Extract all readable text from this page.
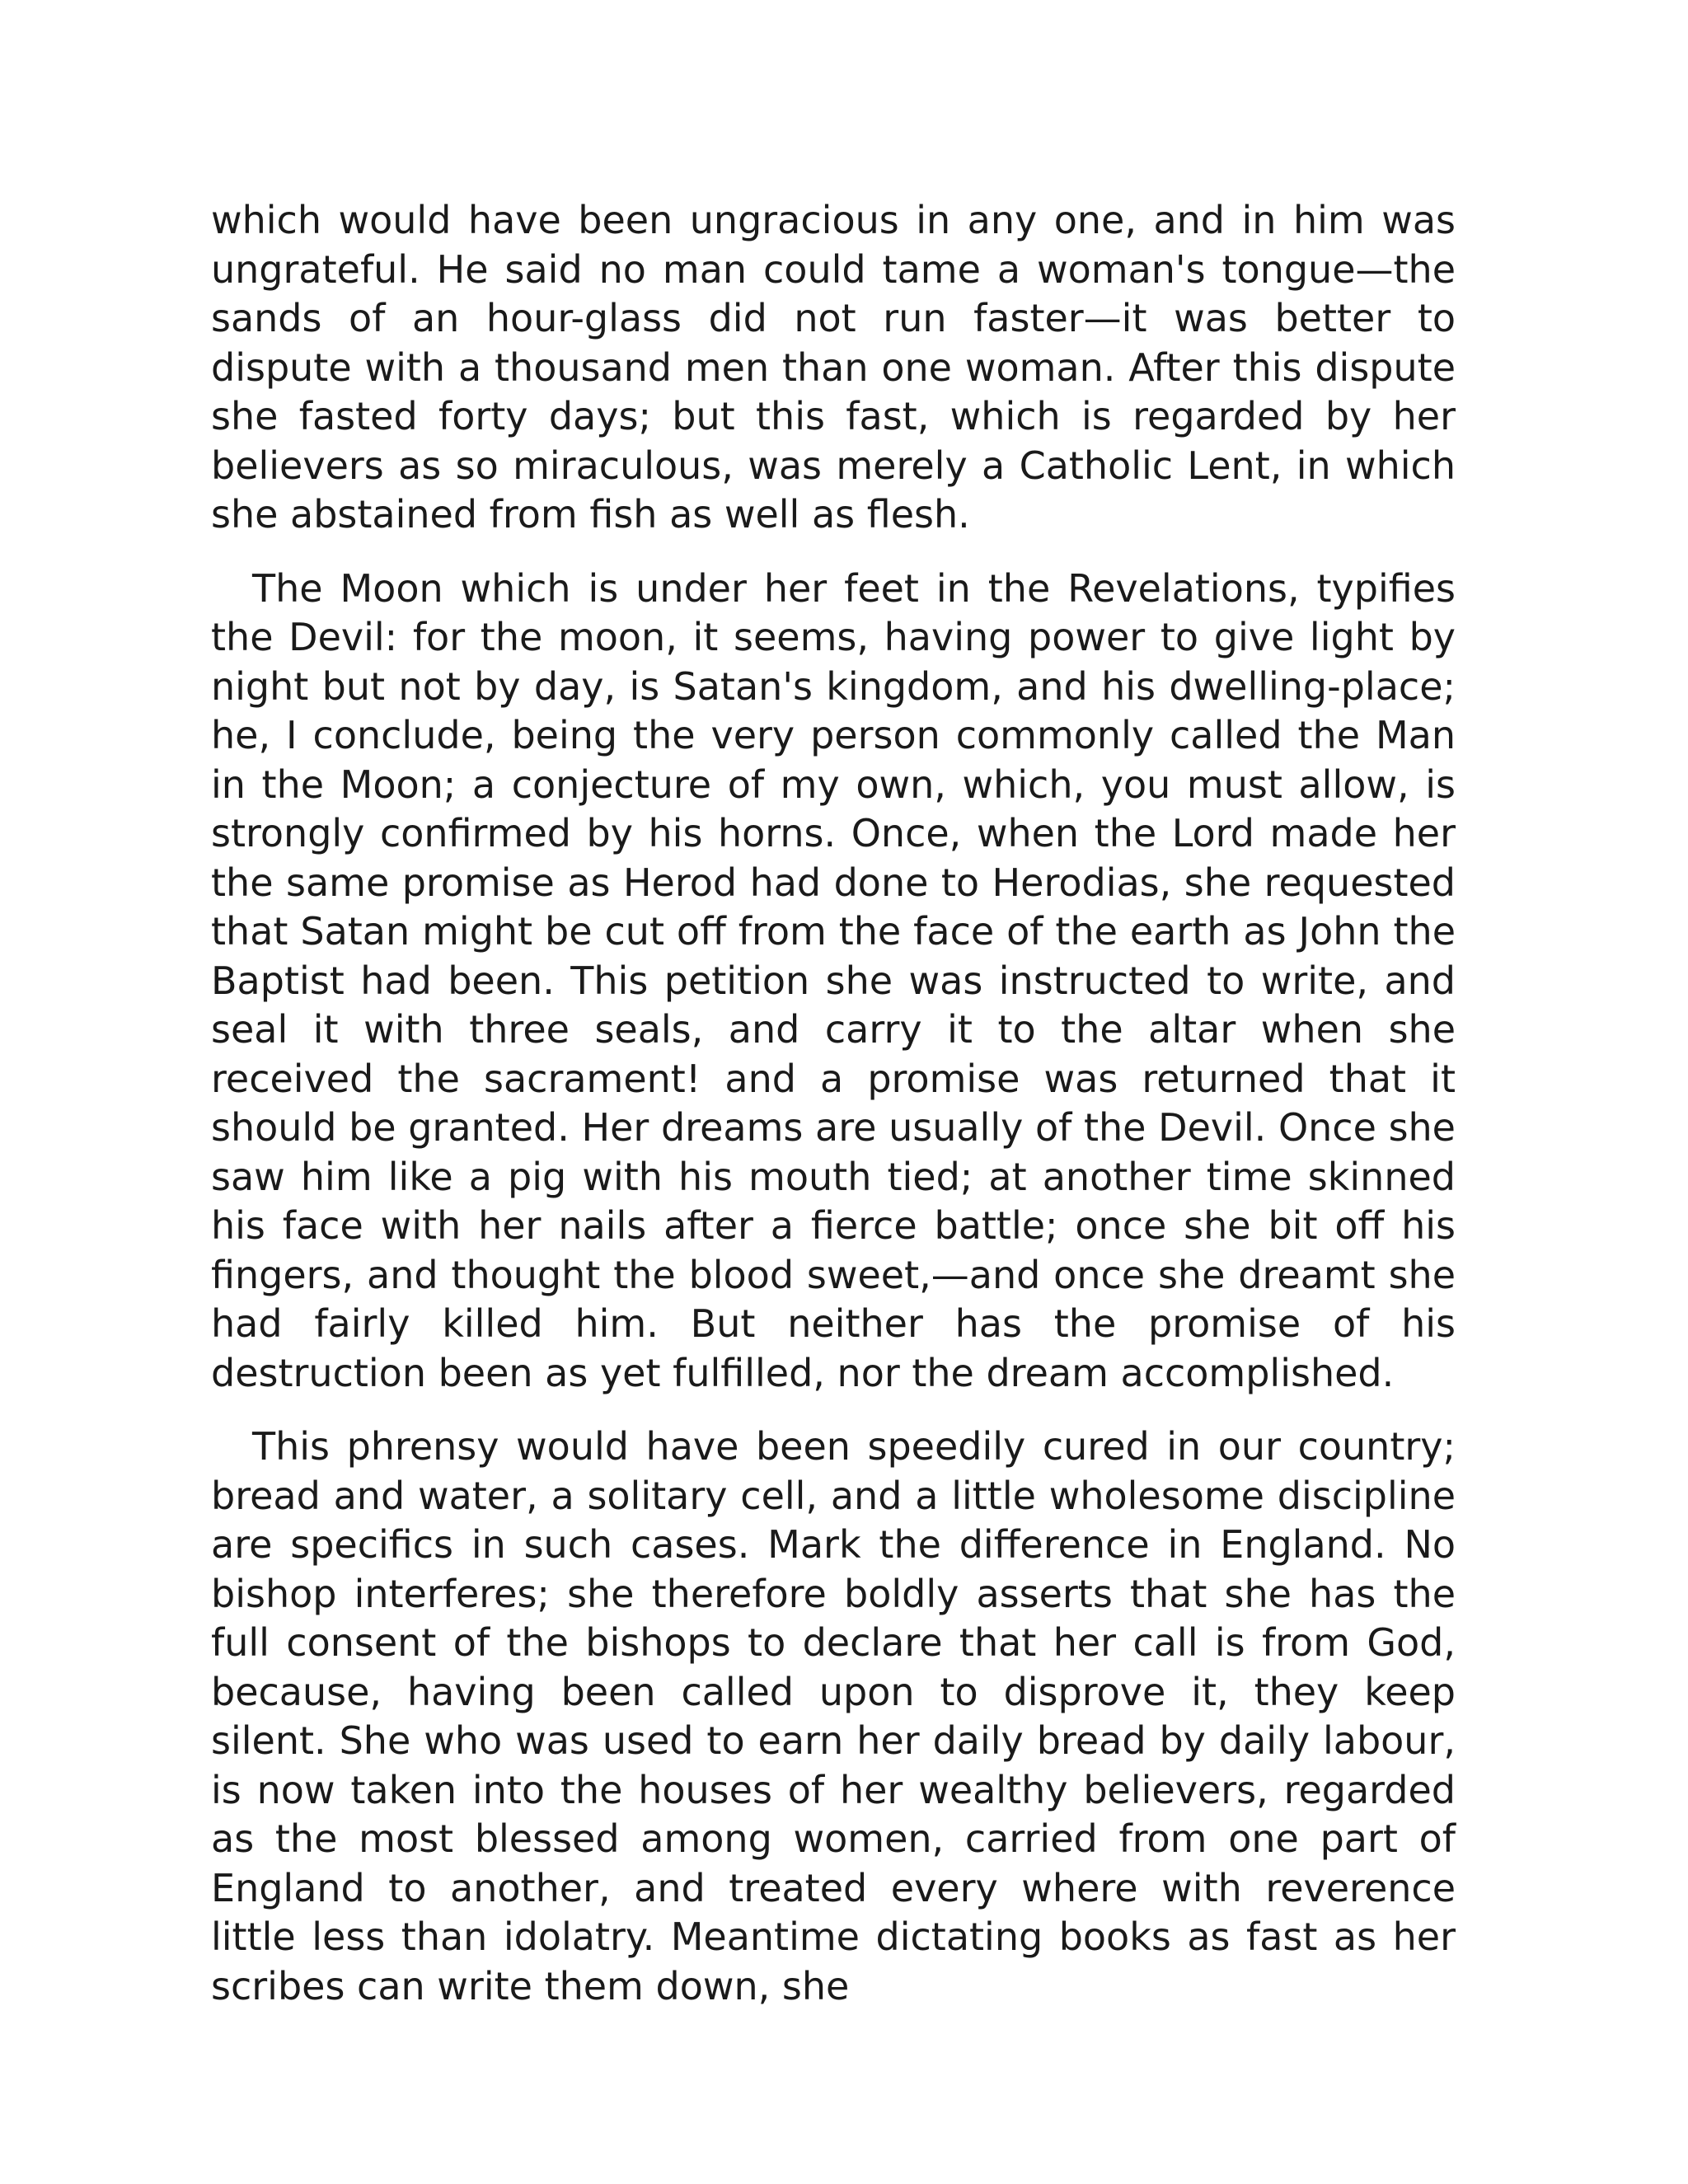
which would have been ungracious in any one, and in him was ungrateful. He said no man could tame a woman's tongue—the sands of an hour-glass did not run faster—it was better to dispute with a thousand men than one woman. After this dispute she fasted forty days; but this fast, which is regarded by her believers as so miraculous, was merely a Catholic Lent, in which she abstained from fish as well as flesh.

The Moon which is under her feet in the Revelations, typifies the Devil: for the moon, it seems, having power to give light by night but not by day, is Satan's kingdom, and his dwelling-place; he, I conclude, being the very person commonly called the Man in the Moon; a conjecture of my own, which, you must allow, is strongly confirmed by his horns. Once, when the Lord made her the same promise as Herod had done to Herodias, she requested that Satan might be cut off from the face of the earth as John the Baptist had been. This petition she was instructed to write, and seal it with three seals, and carry it to the altar when she received the sacrament! and a promise was returned that it should be granted. Her dreams are usually of the Devil. Once she saw him like a pig with his mouth tied; at another time skinned his face with her nails after a fierce battle; once she bit off his fingers, and thought the blood sweet,—and once she dreamt she had fairly killed him. But neither has the promise of his destruction been as yet fulfilled, nor the dream accomplished.

This phrensy would have been speedily cured in our country; bread and water, a solitary cell, and a little wholesome discipline are specifics in such cases. Mark the difference in England. No bishop interferes; she therefore boldly asserts that she has the full consent of the bishops to declare that her call is from God, because, having been called upon to disprove it, they keep silent. She who was used to earn her daily bread by daily labour, is now taken into the houses of her wealthy believers, regarded as the most blessed among women, carried from one part of England to another, and treated every where with reverence little less than idolatry. Meantime dictating books as fast as her scribes can write them down, she
